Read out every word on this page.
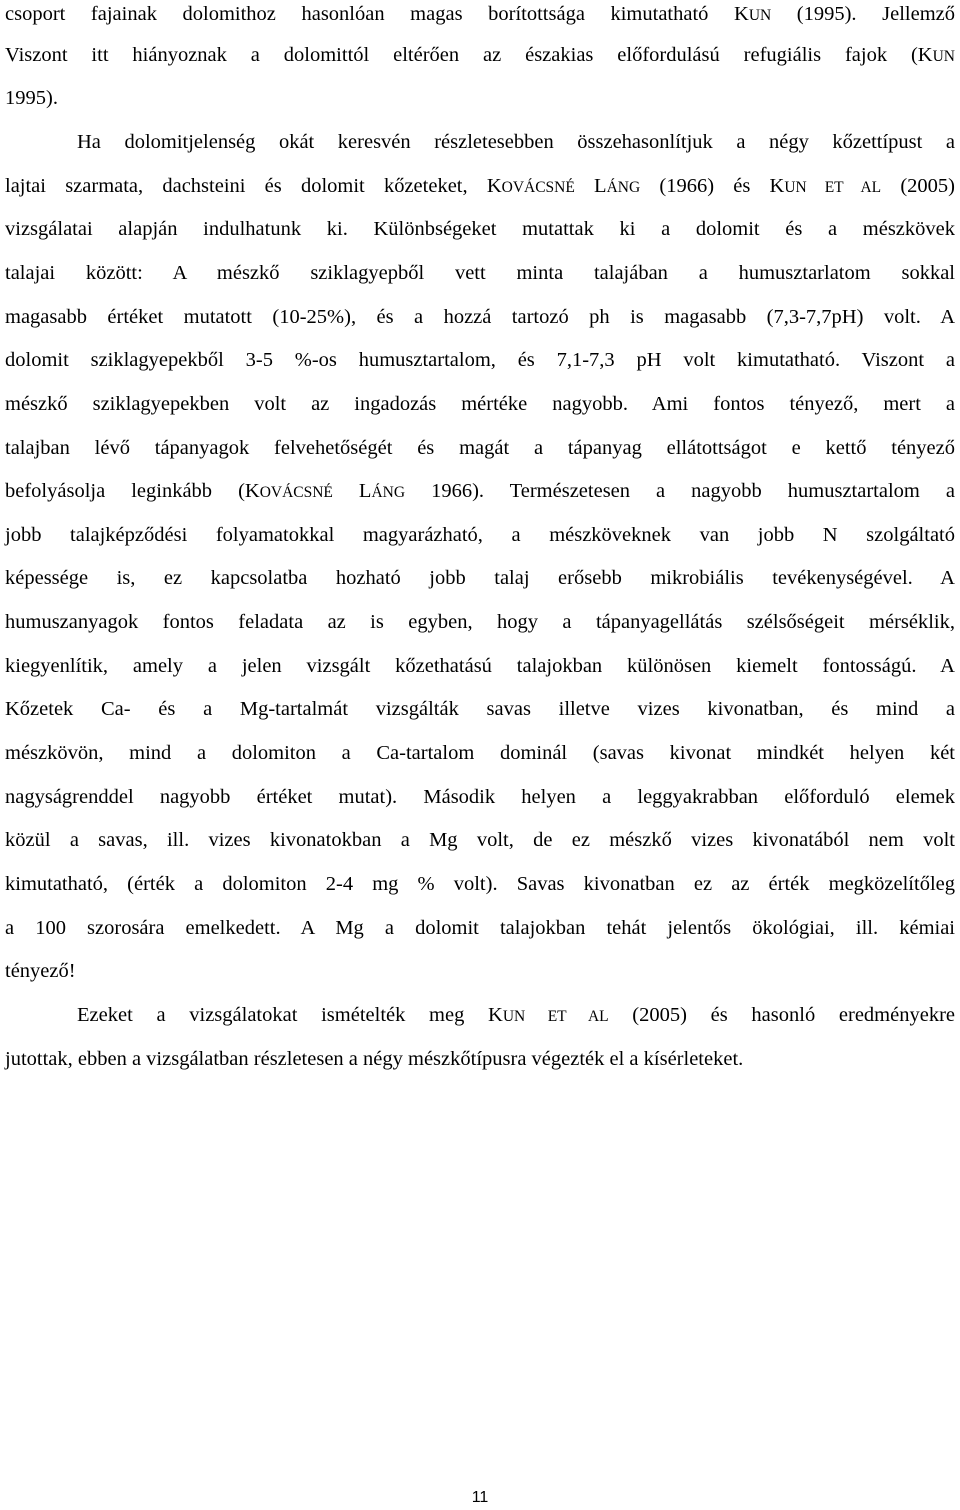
csoport fajainak dolomithoz hasonlóan magas borítottsága kimutatható KUN (1995). Jellemző
Viszont itt hiányoznak a dolomittól eltérően az északias előfordulású refugiális fajok (KUN
1995).
Ha dolomitjelenség okát keresvén részletesebben összehasonlítjuk a négy kőzettípust a
lajtai szarmata, dachsteini és dolomit kőzeteket, KOVÁCSNÉ LÁNG (1966) és KUN ET AL (2005)
vizsgálatai alapján indulhatunk ki. Különbségeket mutattak ki a dolomit és a mészkövek
talajai között: A mészkő sziklagyepből vett minta talajában a humusztarlatom sokkal
magasabb értéket mutatott (10-25%), és a hozzá tartozó ph is magasabb (7,3-7,7pH) volt. A
dolomit sziklagyepekből 3-5 %-os humusztartalom, és 7,1-7,3 pH volt kimutatható. Viszont a
mészkő sziklagyepekben volt az ingadozás mértéke nagyobb. Ami fontos tényező, mert a
talajban lévő tápanyagok felvehetőségét és magát a tápanyag ellátottságot e kettő tényező
befolyásolja leginkább (KOVÁCSNÉ LÁNG 1966). Természetesen a nagyobb humusztartalom a
jobb talajképződési folyamatokkal magyarázható, a mészköveknek van jobb N szolgáltató
képessége is, ez kapcsolatba hozható jobb talaj erősebb mikrobiális tevékenységével. A
humuszanyagok fontos feladata az is egyben, hogy a tápanyagellátás szélsőségeit mérséklik,
kiegyenlítik, amely a jelen vizsgált kőzethatású talajokban különösen kiemelt fontosságú. A
Kőzetek Ca- és a Mg-tartalmát vizsgálták savas illetve vizes kivonatban, és mind a
mészkövön, mind a dolomiton a Ca-tartalom dominál (savas kivonat mindkét helyen két
nagyságrenddel nagyobb értéket mutat). Második helyen a leggyakrabban előforduló elemek
közül a savas, ill. vizes kivonatokban a Mg volt, de ez mészkő vizes kivonatából nem volt
kimutatható, (érték a dolomiton 2-4 mg % volt). Savas kivonatban ez az érték megközelítőleg
a 100 szorosára emelkedett. A Mg a dolomit talajokban tehát jelentős ökológiai, ill. kémiai
tényező!
Ezeket a vizsgálatokat ismételték meg KUN ET AL (2005) és hasonló eredményekre
jutottak, ebben a vizsgálatban részletesen a négy mészkőtípusra végezték el a kísérleteket.
11
